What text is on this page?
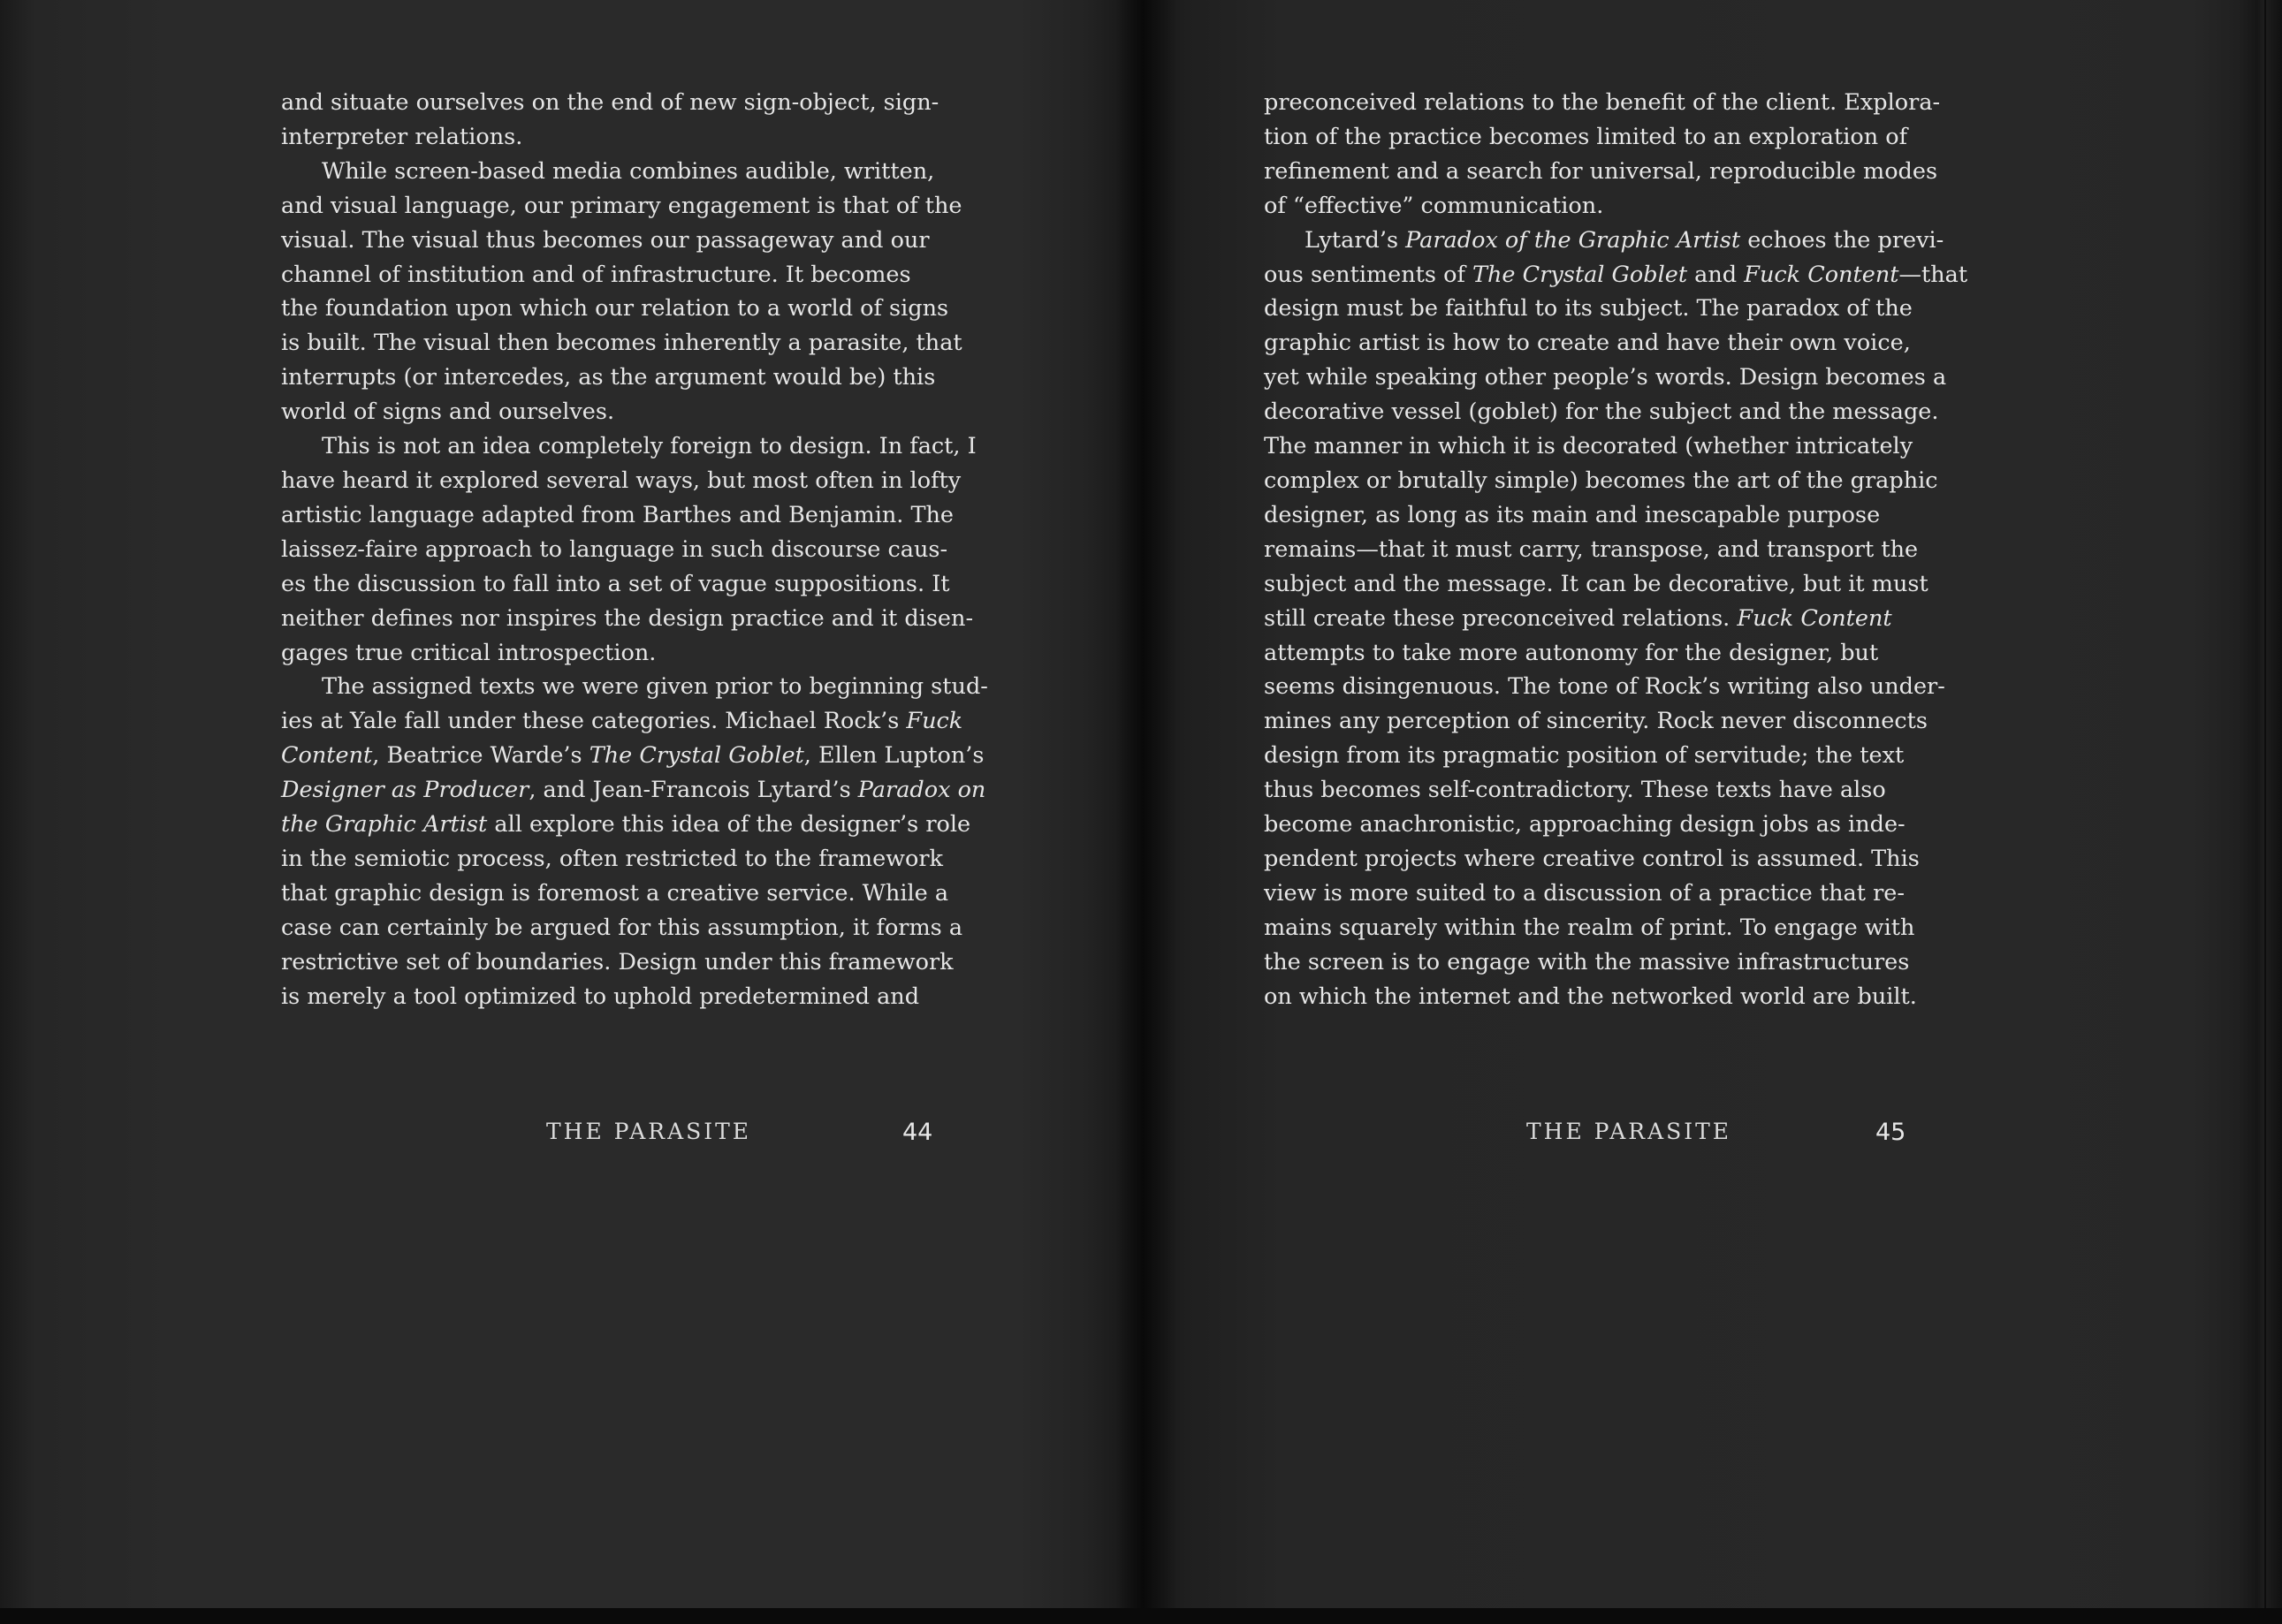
and situate ourselves on the end of new sign-object, sign-
interpreter relations.
While screen-based media combines audible, written,
and visual language, our primary engagement is that of the
visual. The visual thus becomes our passageway and our
channel of institution and of infrastructure. It becomes
the foundation upon which our relation to a world of signs
is built. The visual then becomes inherently a parasite, that
interrupts (or intercedes, as the argument would be) this
world of signs and ourselves.
This is not an idea completely foreign to design. In fact, I
have heard it explored several ways, but most often in lofty
artistic language adapted from Barthes and Benjamin. The
laissez-faire approach to language in such discourse caus-
es the discussion to fall into a set of vague suppositions. It
neither defines nor inspires the design practice and it disen-
gages true critical introspection.
The assigned texts we were given prior to beginning stud-
ies at Yale fall under these categories. Michael Rock’s Fuck
Content, Beatrice Warde’s The Crystal Goblet, Ellen Lupton’s
Designer as Producer, and Jean-Francois Lytard’s Paradox on
the Graphic Artist all explore this idea of the designer’s role
in the semiotic process, often restricted to the framework
that graphic design is foremost a creative service. While a
case can certainly be argued for this assumption, it forms a
restrictive set of boundaries. Design under this framework
is merely a tool optimized to uphold predetermined and
THE PARASITE	44
preconceived relations to the benefit of the client. Explora-
tion of the practice becomes limited to an exploration of
refinement and a search for universal, reproducible modes
of “effective” communication.
Lytard’s Paradox of the Graphic Artist echoes the previ-
ous sentiments of The Crystal Goblet and Fuck Content—that
design must be faithful to its subject. The paradox of the
graphic artist is how to create and have their own voice,
yet while speaking other people’s words. Design becomes a
decorative vessel (goblet) for the subject and the message.
The manner in which it is decorated (whether intricately
complex or brutally simple) becomes the art of the graphic
designer, as long as its main and inescapable purpose
remains—that it must carry, transpose, and transport the
subject and the message. It can be decorative, but it must
still create these preconceived relations. Fuck Content
attempts to take more autonomy for the designer, but
seems disingenuous. The tone of Rock’s writing also under-
mines any perception of sincerity. Rock never disconnects
design from its pragmatic position of servitude; the text
thus becomes self-contradictory. These texts have also
become anachronistic, approaching design jobs as inde-
pendent projects where creative control is assumed. This
view is more suited to a discussion of a practice that re-
mains squarely within the realm of print. To engage with
the screen is to engage with the massive infrastructures
on which the internet and the networked world are built.
THE PARASITE	45
